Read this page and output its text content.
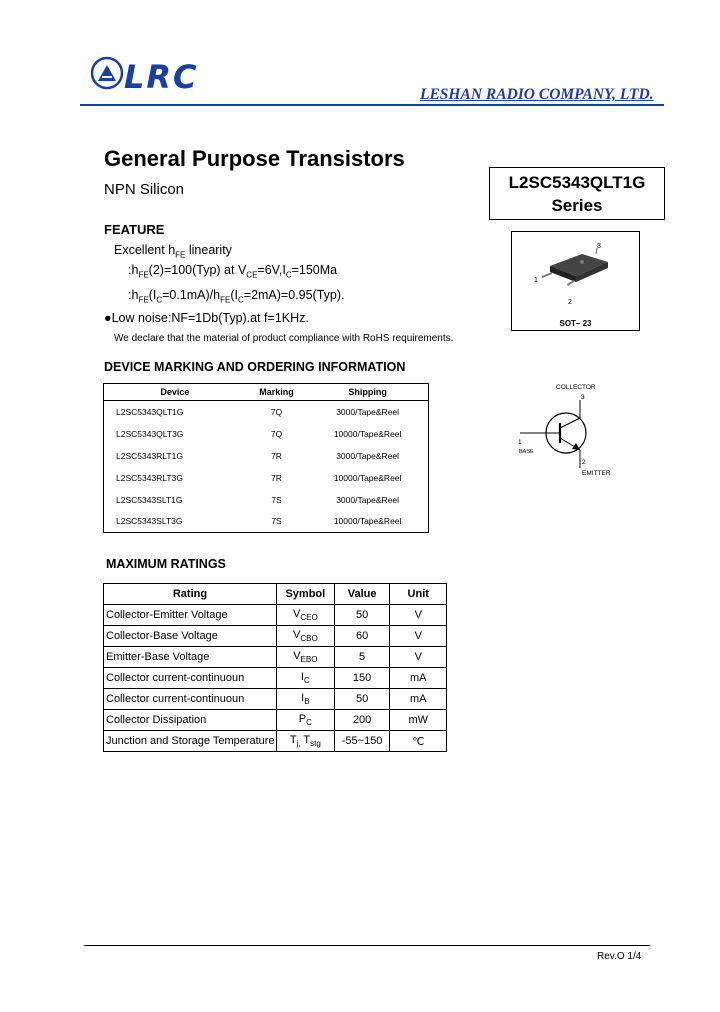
LRC	LESHAN RADIO COMPANY, LTD.
General Purpose Transistors
NPN Silicon	L2SC5343QLT1G
Series
FEATURE
Excellent $h_{FE}$ linearity
$:h_{FE}(2)=100(Typ)$ at $V_{CE}=6V,I_C=150Ma$
$:h_{FE}(I_C=0.1mA)/h_{FE}(I_C=2mA)=0.95(Typ)$.
●Low noise:NF=1Db(Typ).at f=1KHz.
We declare that the material of product compliance with RoHS requirements.
3
2
1
SOT– 23
DEVICE MARKING AND ORDERING INFORMATION
Device	Marking	Shipping
L2SC5343QLT1G	7Q	3000/Tape&Reel
L2SC5343QLT3G	7Q	10000/Tape&Reel
L2SC5343RLT1G	7R	3000/Tape&Reel
L2SC5343RLT3G	7R	10000/Tape&Reel
L2SC5343SLT1G	7S	3000/Tape&Reel
L2SC5343SLT3G	7S	10000/Tape&Reel
COLLECTOR
3
1
BASE
2
EMITTER
MAXIMUM RATINGS
Rating	Symbol	Value	Unit
Collector-Emitter Voltage	$V_{CEO}$	50	V
Collector-Base Voltage	$V_{CBO}$	60	V
Emitter-Base Voltage	$V_{EBO}$	5	V
Collector current-continuoun	$I_C$	150	mA
Collector current-continuoun	$I_B$	50	mA
Collector Dissipation	$P_C$	200	mW
Junction and Storage Temperature	$T_{j,}$ $T_{stg}$	-55~150	℃
Rev.O 1/4
